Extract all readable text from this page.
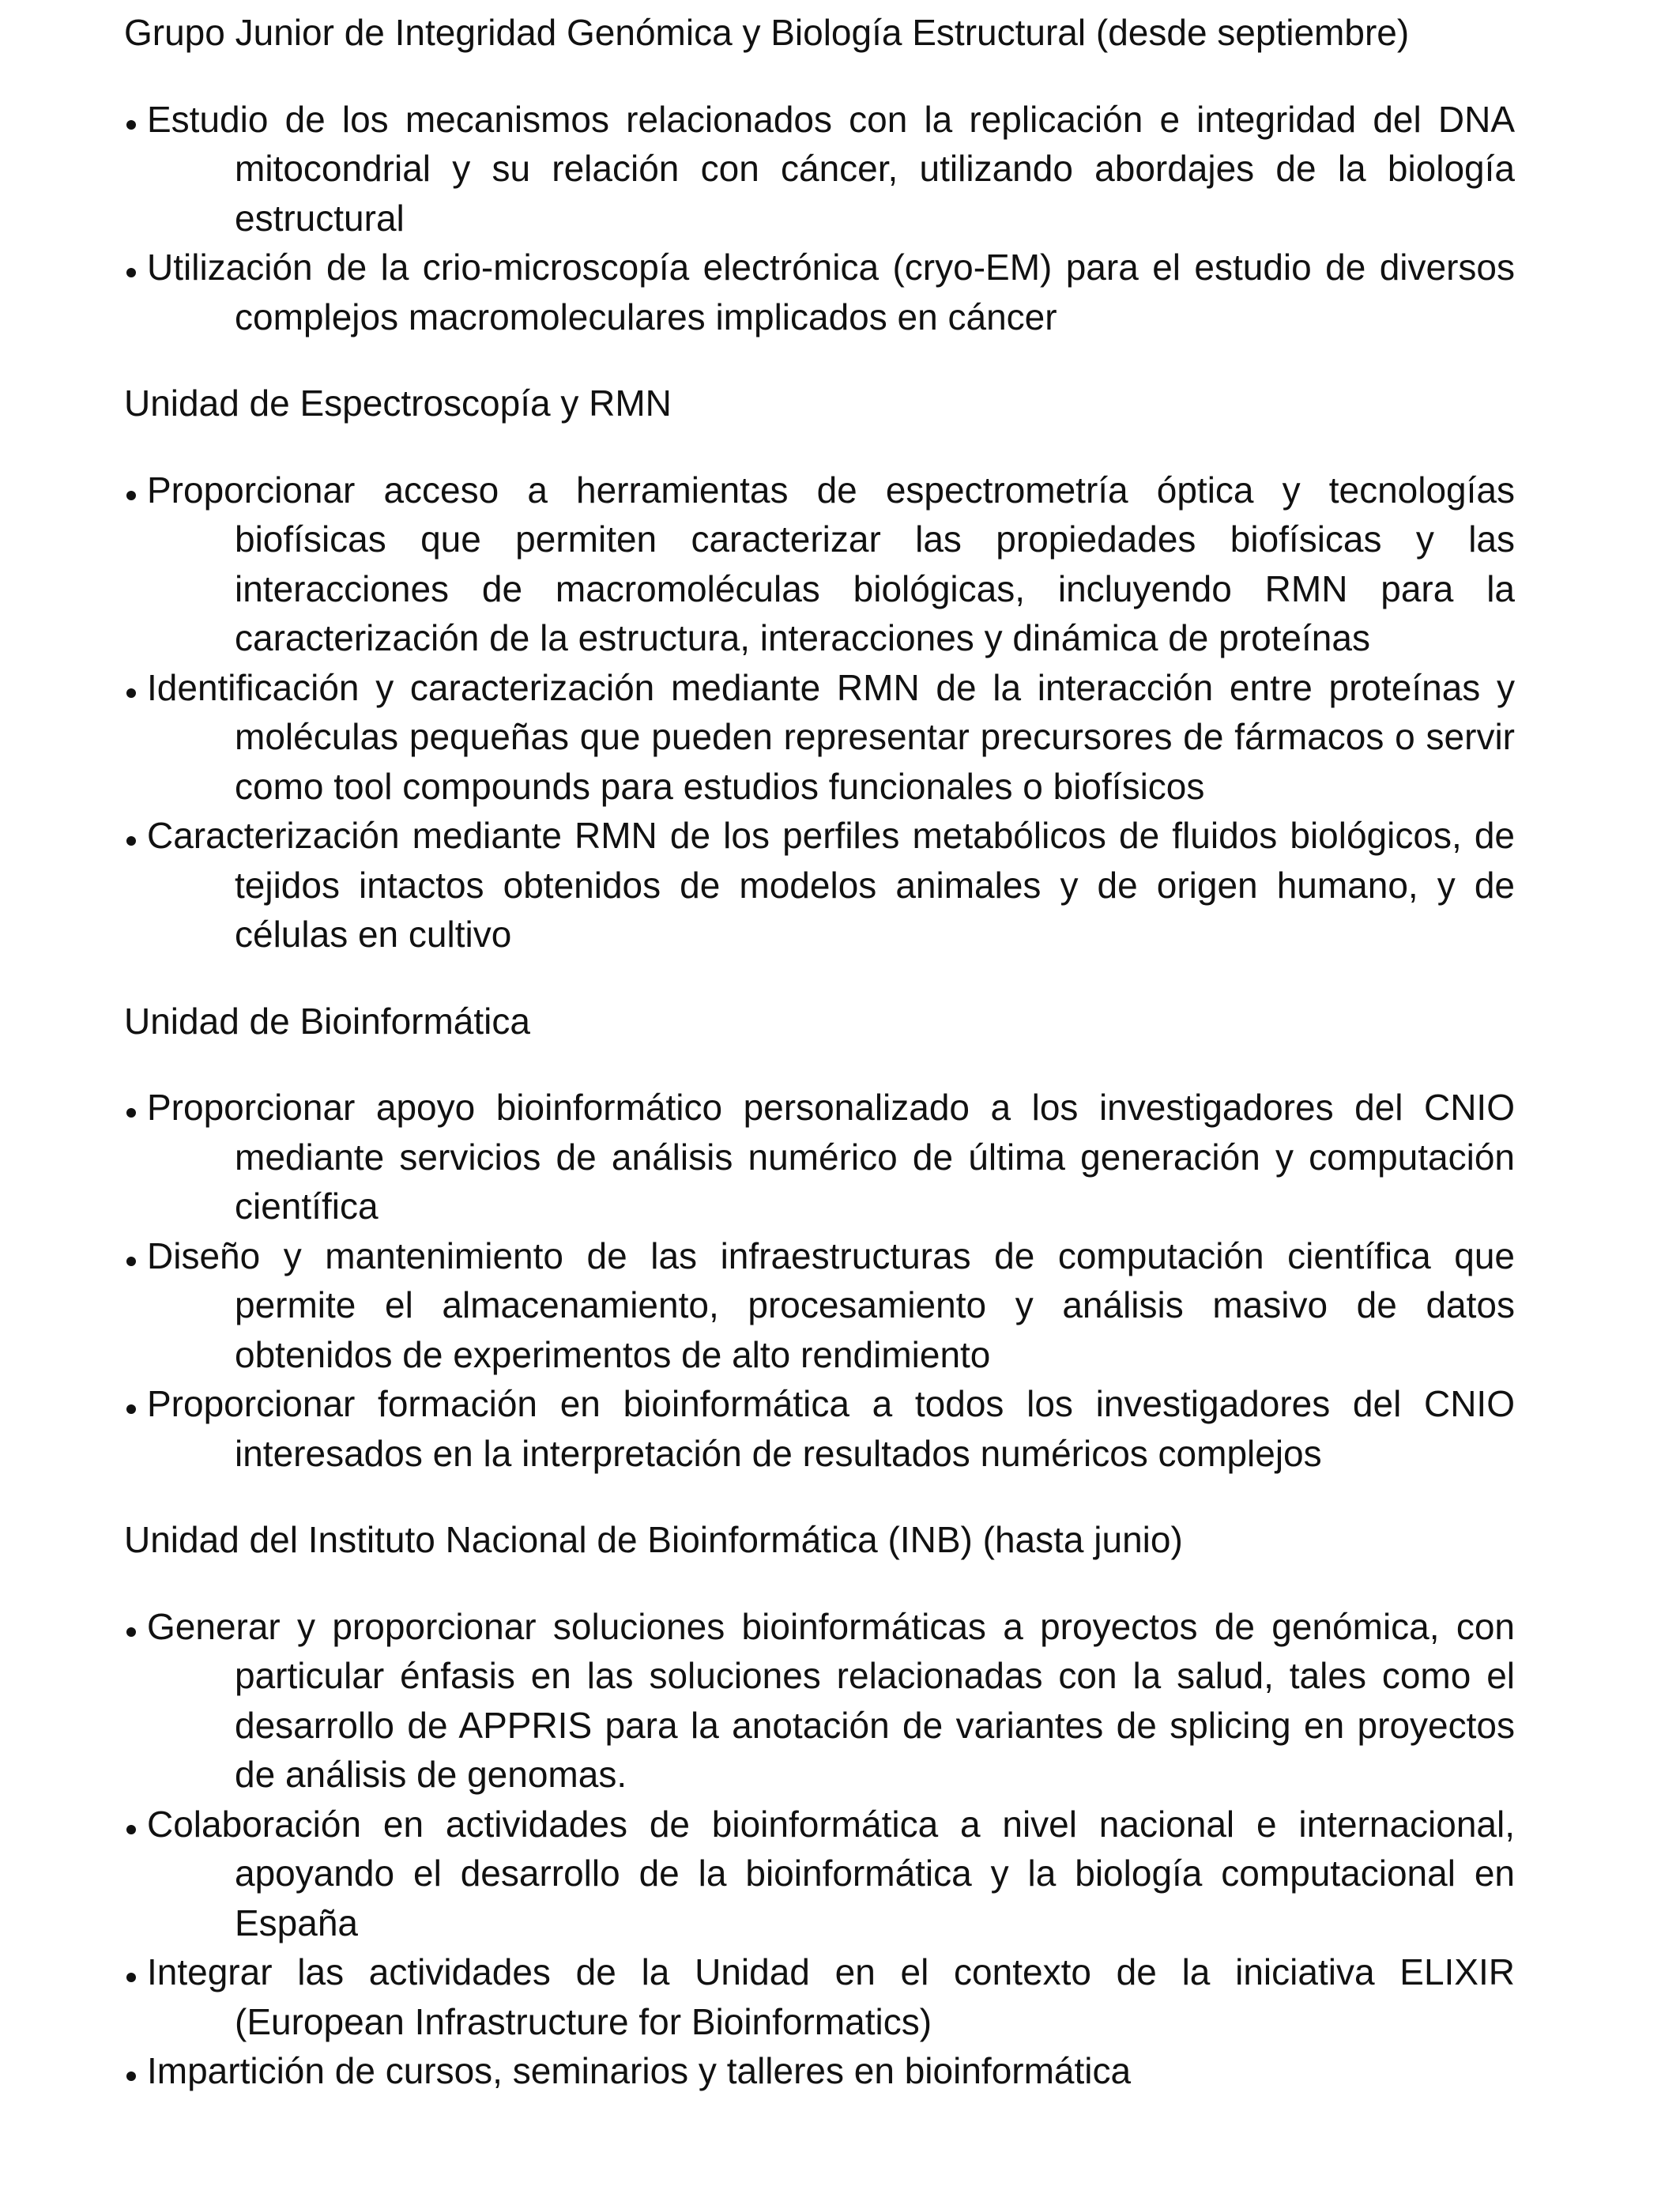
Grupo Junior de Integridad Genómica y Biología Estructural (desde septiembre)
Estudio de los mecanismos relacionados con la replicación e integridad del DNA mitocondrial y su relación con cáncer, utilizando abordajes de la biología estructural
Utilización de la crio-microscopía electrónica (cryo-EM) para el estudio de diversos complejos macromoleculares implicados en cáncer
Unidad de Espectroscopía y RMN
Proporcionar acceso a herramientas de espectrometría óptica y tecnologías biofísicas que permiten caracterizar las propiedades biofísicas y las interacciones de macromoléculas biológicas, incluyendo RMN para la caracterización de la estructura, interacciones y dinámica de proteínas
Identificación y caracterización mediante RMN de la interacción entre proteínas y moléculas pequeñas que pueden representar precursores de fármacos o servir como tool compounds para estudios funcionales o biofísicos
Caracterización mediante RMN de los perfiles metabólicos de fluidos biológicos, de tejidos intactos obtenidos de modelos animales y de origen humano, y de células en cultivo
Unidad de Bioinformática
Proporcionar apoyo bioinformático personalizado a los investigadores del CNIO mediante servicios de análisis numérico de última generación y computación científica
Diseño y mantenimiento de las infraestructuras de computación científica que permite el almacenamiento, procesamiento y análisis masivo de datos obtenidos de experimentos de alto rendimiento
Proporcionar formación en bioinformática a todos los investigadores del CNIO interesados en la interpretación de resultados numéricos complejos
Unidad del Instituto Nacional de Bioinformática (INB) (hasta junio)
Generar y proporcionar soluciones bioinformáticas a proyectos de genómica, con particular énfasis en las soluciones relacionadas con la salud, tales como el desarrollo de APPRIS para la anotación de variantes de splicing en proyectos de análisis de genomas.
Colaboración en actividades de bioinformática a nivel nacional e internacional, apoyando el desarrollo de la bioinformática y la biología computacional en España
Integrar las actividades de la Unidad en el contexto de la iniciativa ELIXIR (European Infrastructure for Bioinformatics)
Impartición de cursos, seminarios y talleres en bioinformática
